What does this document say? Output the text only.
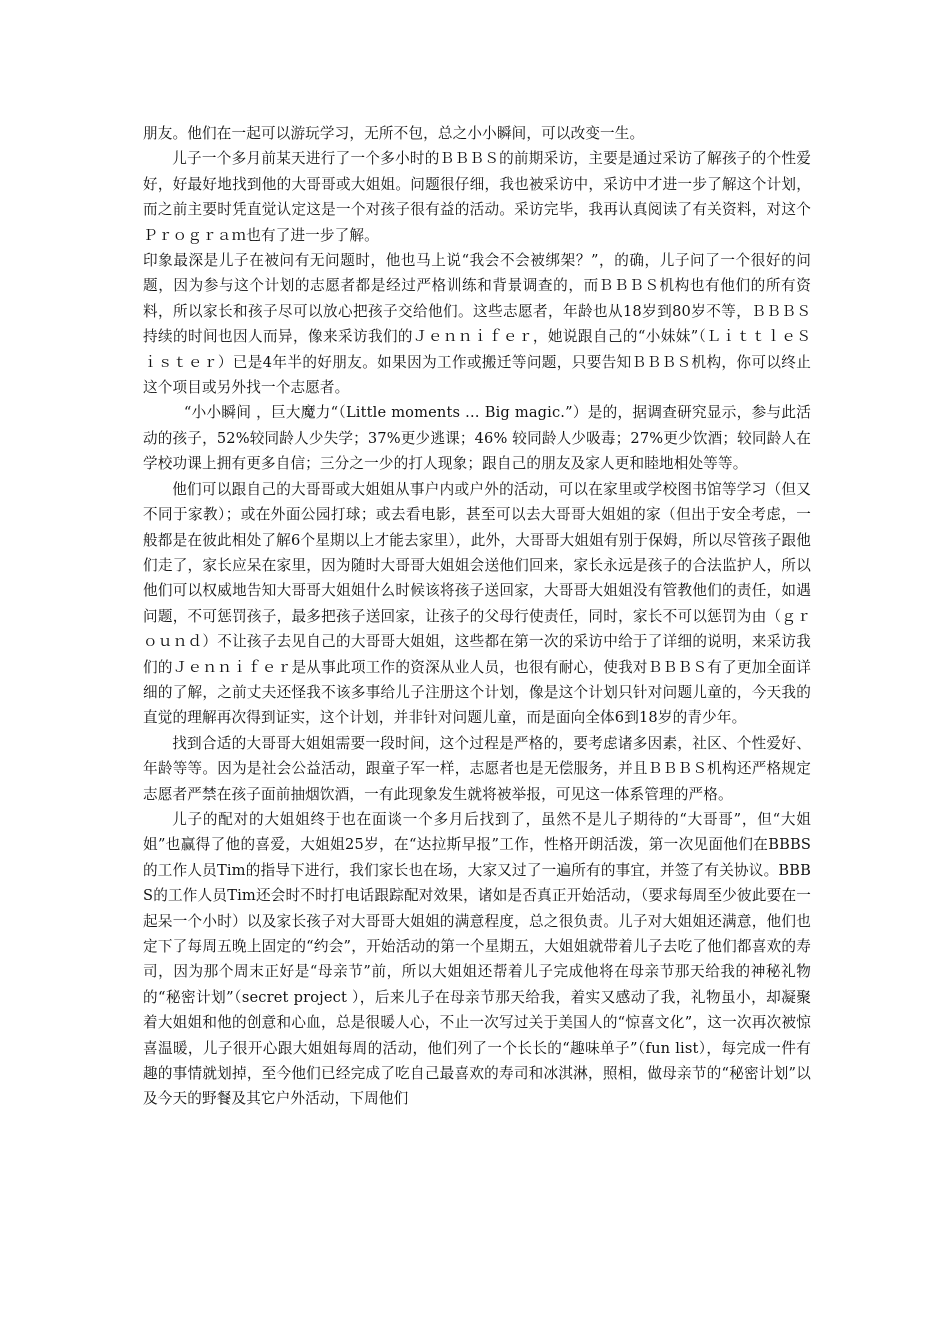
朋友。他们在一起可以游玩学习，无所不包，总之小小瞬间，可以改变一生。

儿子一个多月前某天进行了一个多小时的ＢＢＢＳ的前期采访，主要是通过采访了解孩子的个性爱好，好最好地找到他的大哥哥或大姐姐。问题很仔细，我也被采访中，采访中才进一步了解这个计划，而之前主要时凭直觉认定这是一个对孩子很有益的活动。采访完毕，我再认真阅读了有关资料，对这个Ｐｒｏｇｒａｍ也有了进一步了解。

印象最深是儿子在被问有无问题时，他也马上说“我会不会被绑架？”，的确，儿子问了一个很好的问题，因为参与这个计划的志愿者都是经过严格训练和背景调查的，而ＢＢＢＳ机构也有他们的所有资料，所以家长和孩子尽可以放心把孩子交给他们。这些志愿者，年龄也从18岁到80岁不等，ＢＢＢＳ持续的时间也因人而异，像来采访我们的Ｊｅｎｎｉｆｅｒ，她说跟自己的“小妹妹”（ＬｉｔｔｌｅＳｉｓｔｅｒ）已是4年半的好朋友。如果因为工作或搬迁等问题，只要告知ＢＢＢＳ机构，你可以终止这个项目或另外找一个志愿者。

“小小瞬间 ，巨大魔力“（Little moments … Big magic.”）是的，据调查研究显示，参与此活动的孩子，52%较同龄人少失学；37%更少逃课；46% 较同龄人少吸毒；27%更少饮酒；较同龄人在学校功课上拥有更多自信；三分之一少的打人现象；跟自己的朋友及家人更和睦地相处等等。

他们可以跟自己的大哥哥或大姐姐从事户内或户外的活动，可以在家里或学校图书馆等学习（但又不同于家教）；或在外面公园打球；或去看电影，甚至可以去大哥哥大姐姐的家（但出于安全考虑，一般都是在彼此相处了解6个星期以上才能去家里），此外，大哥哥大姐姐有别于保姆，所以尽管孩子跟他们走了，家长应呆在家里，因为随时大哥哥大姐姐会送他们回来，家长永远是孩子的合法监护人，所以他们可以权威地告知大哥哥大姐姐什么时候该将孩子送回家，大哥哥大姐姐没有管教他们的责任，如遇问题，不可惩罚孩子，最多把孩子送回家，让孩子的父母行使责任，同时，家长不可以惩罚为由（ｇｒｏｕｎｄ）不让孩子去见自己的大哥哥大姐姐，这些都在第一次的采访中给于了详细的说明，来采访我们的Ｊｅｎｎｉｆｅｒ是从事此项工作的资深从业人员，也很有耐心，使我对ＢＢＢＳ有了更加全面详细的了解，之前丈夫还怪我不该多事给儿子注册这个计划，像是这个计划只针对问题儿童的，今天我的直觉的理解再次得到证实，这个计划，并非针对问题儿童，而是面向全体6到18岁的青少年。

找到合适的大哥哥大姐姐需要一段时间，这个过程是严格的，要考虑诸多因素，社区、个性爱好、年龄等等。因为是社会公益活动，跟童子军一样，志愿者也是无偿服务，并且ＢＢＢＳ机构还严格规定志愿者严禁在孩子面前抽烟饮酒，一有此现象发生就将被举报，可见这一体系管理的严格。

儿子的配对的大姐姐终于也在面谈一个多月后找到了，虽然不是儿子期待的“大哥哥”，但“大姐姐”也赢得了他的喜爱，大姐姐25岁，在“达拉斯早报”工作，性格开朗活泼，第一次见面他们在BBBS的工作人员Tim的指导下进行，我们家长也在场，大家又过了一遍所有的事宜，并签了有关协议。BBBS的工作人员Tim还会时不时打电话跟踪配对效果，诸如是否真正开始活动，（要求每周至少彼此要在一起呆一个小时）以及家长孩子对大哥哥大姐姐的满意程度，总之很负责。儿子对大姐姐还满意，他们也定下了每周五晚上固定的“约会”，开始活动的第一个星期五，大姐姐就带着儿子去吃了他们都喜欢的寿司，因为那个周末正好是“母亲节”前，所以大姐姐还帮着儿子完成他将在母亲节那天给我的神秘礼物的“秘密计划”（secret project ），后来儿子在母亲节那天给我，着实又感动了我，礼物虽小，却凝聚着大姐姐和他的创意和心血，总是很暖人心，不止一次写过关于美国人的“惊喜文化”，这一次再次被惊喜温暖，儿子很开心跟大姐姐每周的活动，他们列了一个长长的“趣味单子”（fun list），每完成一件有趣的事情就划掉，至今他们已经完成了吃自己最喜欢的寿司和冰淇淋，照相，做母亲节的“秘密计划”以及今天的野餐及其它户外活动，下周他们
